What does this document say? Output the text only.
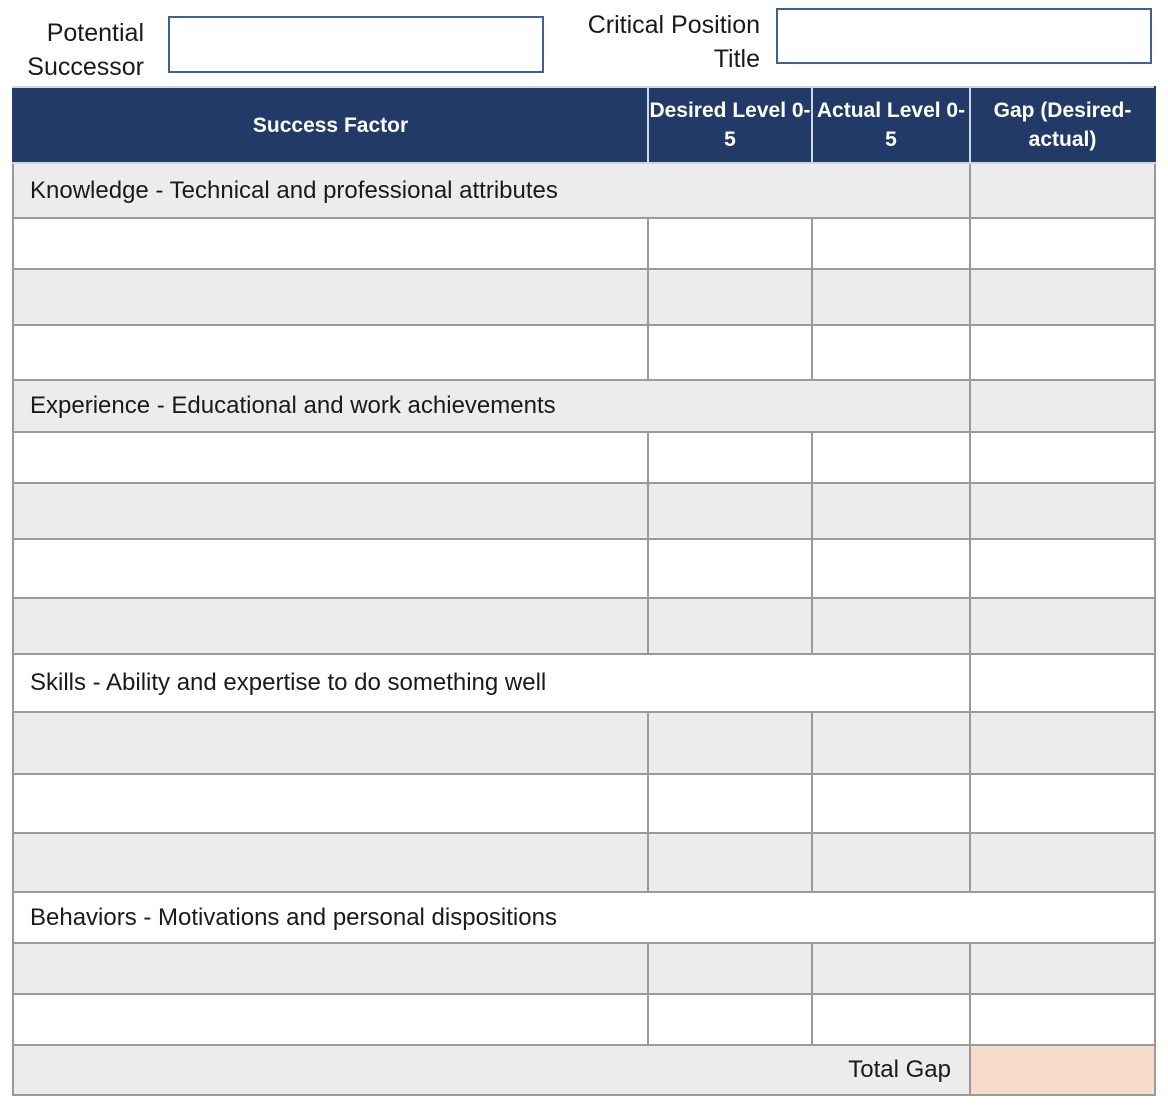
Potential Successor
Critical Position Title
Success Factor	Desired Level 0-5	Actual Level 0-5	Gap (Desired-actual)
Knowledge - Technical and professional attributes			

Experience - Educational and work achievements			

Skills - Ability and expertise to do something well			

Behaviors - Motivations and personal dispositions			

Total Gap			
